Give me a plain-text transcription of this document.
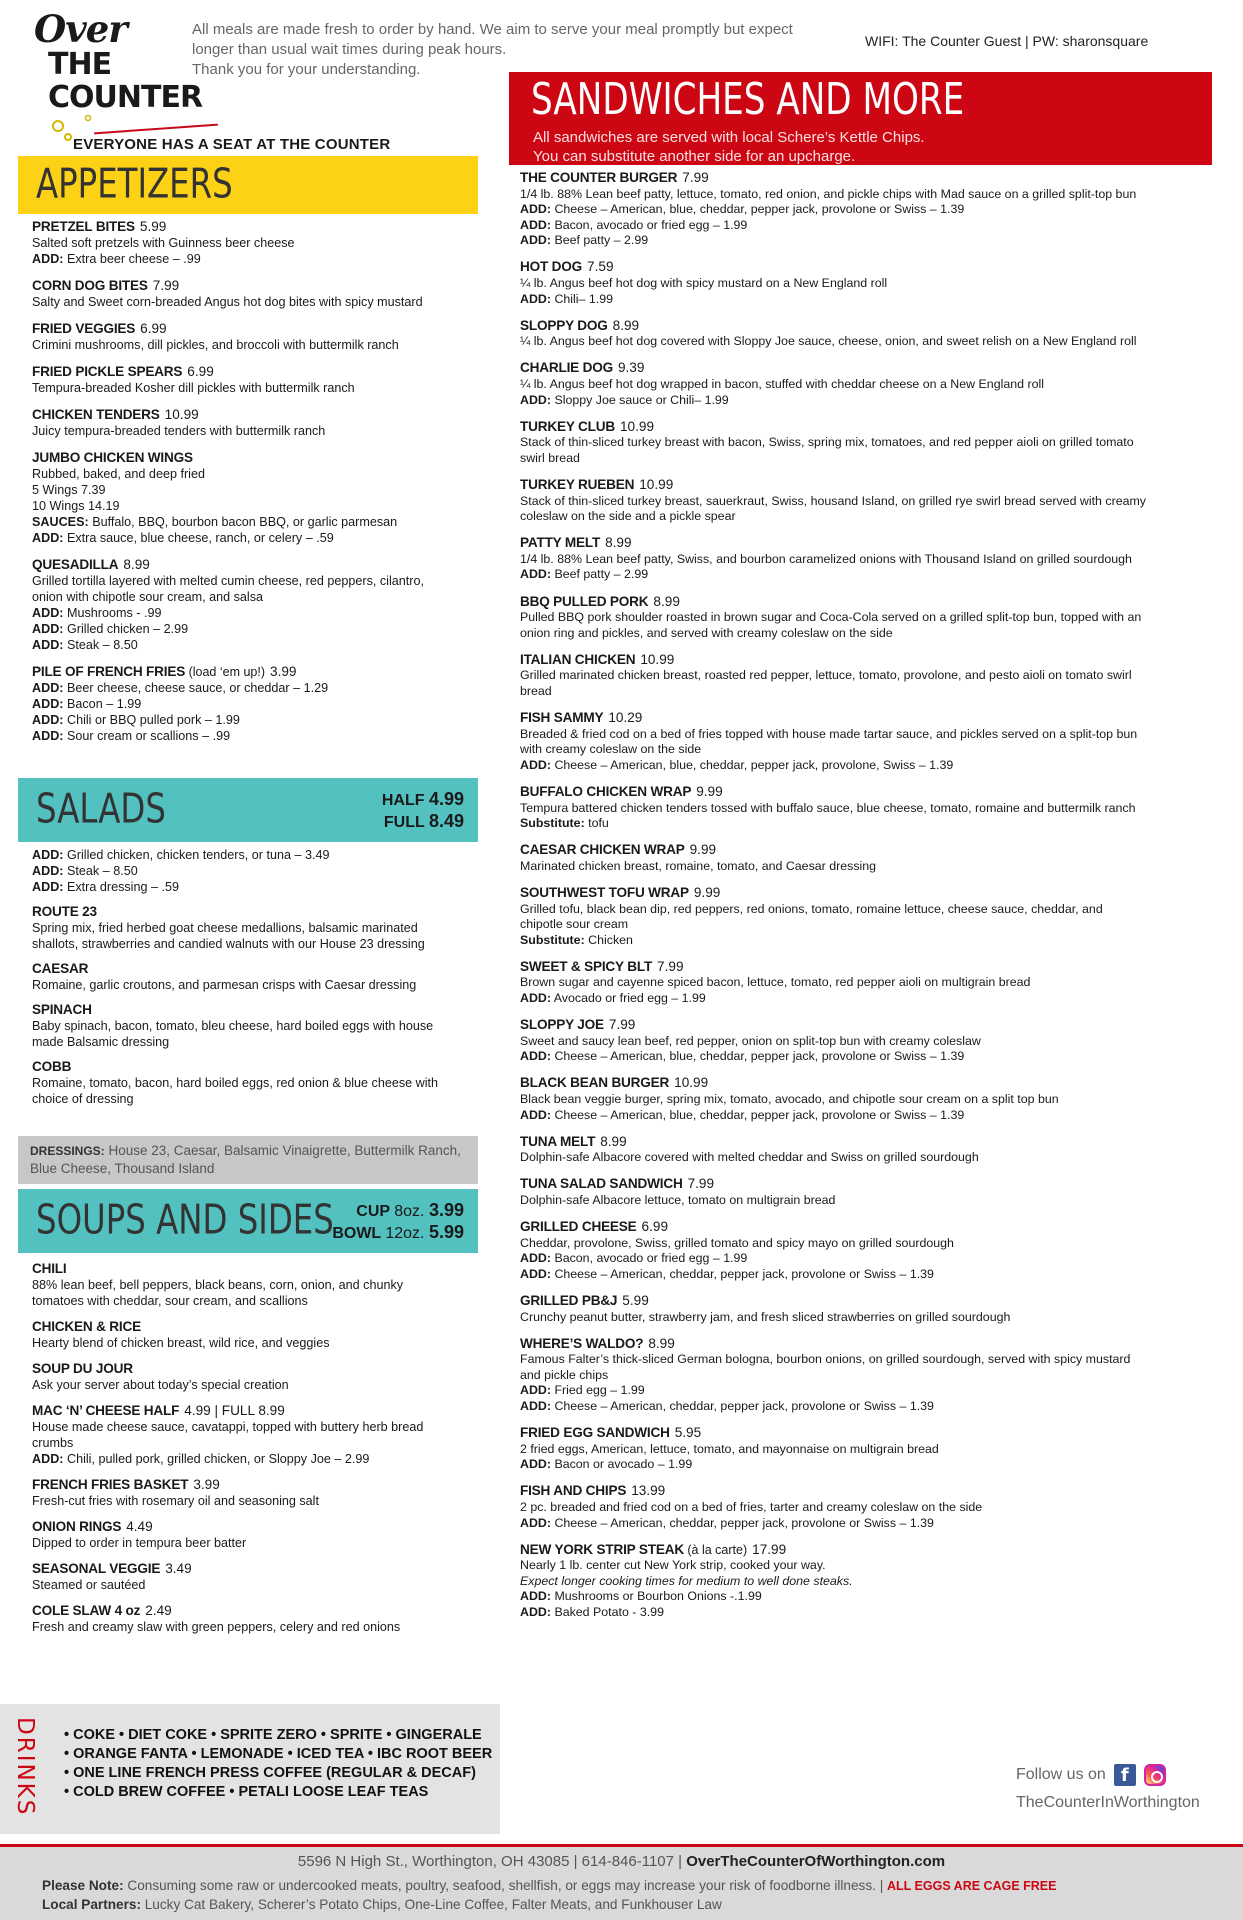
Over
THE
COUNTER
EVERYONE HAS A SEAT AT THE COUNTER
All meals are made fresh to order by hand. We aim to serve your meal promptly but expect
longer than usual wait times during peak hours.
Thank you for your understanding.
WIFI: The Counter Guest | PW: sharonsquare
APPETIZERS
PRETZEL BITES 5.99
Salted soft pretzels with Guinness beer cheese
ADD: Extra beer cheese – .99
CORN DOG BITES 7.99
Salty and Sweet corn-breaded Angus hot dog bites with spicy mustard
FRIED VEGGIES 6.99
Crimini mushrooms, dill pickles, and broccoli with buttermilk ranch
FRIED PICKLE SPEARS 6.99
Tempura-breaded Kosher dill pickles with buttermilk ranch
CHICKEN TENDERS 10.99
Juicy tempura-breaded tenders with buttermilk ranch
JUMBO CHICKEN WINGS
Rubbed, baked, and deep fried
5 Wings 7.39
10 Wings 14.19
SAUCES: Buffalo, BBQ, bourbon bacon BBQ, or garlic parmesan
ADD: Extra sauce, blue cheese, ranch, or celery – .59
QUESADILLA 8.99
Grilled tortilla layered with melted cumin cheese, red peppers, cilantro,
onion with chipotle sour cream, and salsa
ADD: Mushrooms - .99
ADD: Grilled chicken – 2.99
ADD: Steak – 8.50
PILE OF FRENCH FRIES (load ‘em up!) 3.99
ADD: Beer cheese, cheese sauce, or cheddar – 1.29
ADD: Bacon – 1.99
ADD: Chili or BBQ pulled pork – 1.99
ADD: Sour cream or scallions – .99
SALADS	HALF 4.99
FULL 8.49
ADD: Grilled chicken, chicken tenders, or tuna – 3.49
ADD: Steak – 8.50
ADD: Extra dressing – .59
ROUTE 23
Spring mix, fried herbed goat cheese medallions, balsamic marinated
shallots, strawberries and candied walnuts with our House 23 dressing
CAESAR
Romaine, garlic croutons, and parmesan crisps with Caesar dressing
SPINACH
Baby spinach, bacon, tomato, bleu cheese, hard boiled eggs with house
made Balsamic dressing
COBB
Romaine, tomato, bacon, hard boiled eggs, red onion & blue cheese with
choice of dressing
DRESSINGS: House 23, Caesar, Balsamic Vinaigrette, Buttermilk Ranch, Blue Cheese, Thousand Island
SOUPS AND SIDES	CUP 8oz. 3.99
BOWL 12oz. 5.99
CHILI
88% lean beef, bell peppers, black beans, corn, onion, and chunky
tomatoes with cheddar, sour cream, and scallions
CHICKEN & RICE
Hearty blend of chicken breast, wild rice, and veggies
SOUP DU JOUR
Ask your server about today’s special creation
MAC ‘N’ CHEESE HALF 4.99 | FULL 8.99
House made cheese sauce, cavatappi, topped with buttery herb bread
crumbs
ADD: Chili, pulled pork, grilled chicken, or Sloppy Joe – 2.99
FRENCH FRIES BASKET 3.99
Fresh-cut fries with rosemary oil and seasoning salt
ONION RINGS 4.49
Dipped to order in tempura beer batter
SEASONAL VEGGIE 3.49
Steamed or sautéed
COLE SLAW 4 oz 2.49
Fresh and creamy slaw with green peppers, celery and red onions
SANDWICHES AND MORE
All sandwiches are served with local Schere’s Kettle Chips.
You can substitute another side for an upcharge.
THE COUNTER BURGER 7.99
1/4 lb. 88% Lean beef patty, lettuce, tomato, red onion, and pickle chips with Mad sauce on a grilled split-top bun
ADD: Cheese – American, blue, cheddar, pepper jack, provolone or Swiss – 1.39
ADD: Bacon, avocado or fried egg – 1.99
ADD: Beef patty – 2.99
HOT DOG 7.59
¼ lb. Angus beef hot dog with spicy mustard on a New England roll
ADD: Chili– 1.99
SLOPPY DOG 8.99
¼ lb. Angus beef hot dog covered with Sloppy Joe sauce, cheese, onion, and sweet relish on a New England roll
CHARLIE DOG 9.39
¼ lb. Angus beef hot dog wrapped in bacon, stuffed with cheddar cheese on a New England roll
ADD: Sloppy Joe sauce or Chili– 1.99
TURKEY CLUB 10.99
Stack of thin-sliced turkey breast with bacon, Swiss, spring mix, tomatoes, and red pepper aioli on grilled tomato
swirl bread
TURKEY RUEBEN 10.99
Stack of thin-sliced turkey breast, sauerkraut, Swiss, housand Island, on grilled rye swirl bread served with creamy
coleslaw on the side and a pickle spear
PATTY MELT 8.99
1/4 lb. 88% Lean beef patty, Swiss, and bourbon caramelized onions with Thousand Island on grilled sourdough
ADD: Beef patty – 2.99
BBQ PULLED PORK 8.99
Pulled BBQ pork shoulder roasted in brown sugar and Coca-Cola served on a grilled split-top bun, topped with an
onion ring and pickles, and served with creamy coleslaw on the side
ITALIAN CHICKEN 10.99
Grilled marinated chicken breast, roasted red pepper, lettuce, tomato, provolone, and pesto aioli on tomato swirl
bread
FISH SAMMY 10.29
Breaded & fried cod on a bed of fries topped with house made tartar sauce, and pickles served on a split-top bun
with creamy coleslaw on the side
ADD: Cheese – American, blue, cheddar, pepper jack, provolone, Swiss – 1.39
BUFFALO CHICKEN WRAP 9.99
Tempura battered chicken tenders tossed with buffalo sauce, blue cheese, tomato, romaine and buttermilk ranch
Substitute: tofu
CAESAR CHICKEN WRAP 9.99
Marinated chicken breast, romaine, tomato, and Caesar dressing
SOUTHWEST TOFU WRAP 9.99
Grilled tofu, black bean dip, red peppers, red onions, tomato, romaine lettuce, cheese sauce, cheddar, and
chipotle sour cream
Substitute: Chicken
SWEET & SPICY BLT 7.99
Brown sugar and cayenne spiced bacon, lettuce, tomato, red pepper aioli on multigrain bread
ADD: Avocado or fried egg – 1.99
SLOPPY JOE 7.99
Sweet and saucy lean beef, red pepper, onion on split-top bun with creamy coleslaw
ADD: Cheese – American, blue, cheddar, pepper jack, provolone or Swiss – 1.39
BLACK BEAN BURGER 10.99
Black bean veggie burger, spring mix, tomato, avocado, and chipotle sour cream on a split top bun
ADD: Cheese – American, blue, cheddar, pepper jack, provolone or Swiss – 1.39
TUNA MELT 8.99
Dolphin-safe Albacore covered with melted cheddar and Swiss on grilled sourdough
TUNA SALAD SANDWICH 7.99
Dolphin-safe Albacore lettuce, tomato on multigrain bread
GRILLED CHEESE 6.99
Cheddar, provolone, Swiss, grilled tomato and spicy mayo on grilled sourdough
ADD: Bacon, avocado or fried egg – 1.99
ADD: Cheese – American, cheddar, pepper jack, provolone or Swiss – 1.39
GRILLED PB&J 5.99
Crunchy peanut butter, strawberry jam, and fresh sliced strawberries on grilled sourdough
WHERE’S WALDO? 8.99
Famous Falter’s thick-sliced German bologna, bourbon onions, on grilled sourdough, served with spicy mustard
and pickle chips
ADD: Fried egg – 1.99
ADD: Cheese – American, cheddar, pepper jack, provolone or Swiss – 1.39
FRIED EGG SANDWICH 5.95
2 fried eggs, American, lettuce, tomato, and mayonnaise on multigrain bread
ADD: Bacon or avocado – 1.99
FISH AND CHIPS 13.99
2 pc. breaded and fried cod on a bed of fries, tarter and creamy coleslaw on the side
ADD: Cheese – American, cheddar, pepper jack, provolone or Swiss – 1.39
NEW YORK STRIP STEAK (à la carte) 17.99
Nearly 1 lb. center cut New York strip, cooked your way.
Expect longer cooking times for medium to well done steaks.
ADD: Mushrooms or Bourbon Onions -.1.99
ADD: Baked Potato - 3.99
DRINKS • COKE • DIET COKE • SPRITE ZERO • SPRITE • GINGERALE
• ORANGE FANTA • LEMONADE • ICED TEA • IBC ROOT BEER
• ONE LINE FRENCH PRESS COFFEE (REGULAR & DECAF)
• COLD BREW COFFEE • PETALI LOOSE LEAF TEAS
Follow us on f
TheCounterInWorthington
5596 N High St., Worthington, OH 43085 | 614-846-1107 | OverTheCounterOfWorthington.com
Please Note: Consuming some raw or undercooked meats, poultry, seafood, shellfish, or eggs may increase your risk of foodborne illness. | ALL EGGS ARE CAGE FREE
Local Partners: Lucky Cat Bakery, Scherer’s Potato Chips, One-Line Coffee, Falter Meats, and Funkhouser Law
